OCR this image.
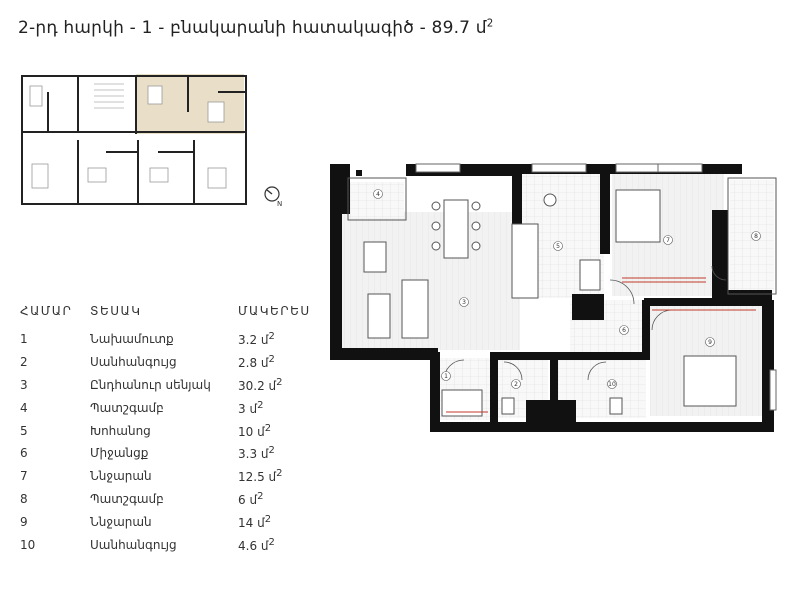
2-րդ հարկի - 1 - բնակարանի հատակագիծ - 89.7 մ$^2$
N
ՀԱՄԱՐ	ՏԵՍԱԿ	ՄԱԿԵՐԵՍ
1	Նախամուտք	3.2 մ$^2$
2	Սանհանգույց	2.8 մ$^2$
3	Ընդհանուր սենյակ	30.2 մ$^2$
4	Պատշգամբ	3 մ$^2$
5	Խոհանոց	10 մ$^2$
6	Միջանցք	3.3 մ$^2$
7	Ննջարան	12.5 մ$^2$
8	Պատշգամբ	6 մ$^2$
9	Ննջարան	14 մ$^2$
10	Սանհանգույց	4.6 մ$^2$
1
2
3
4
5
6
7
8
9
10
